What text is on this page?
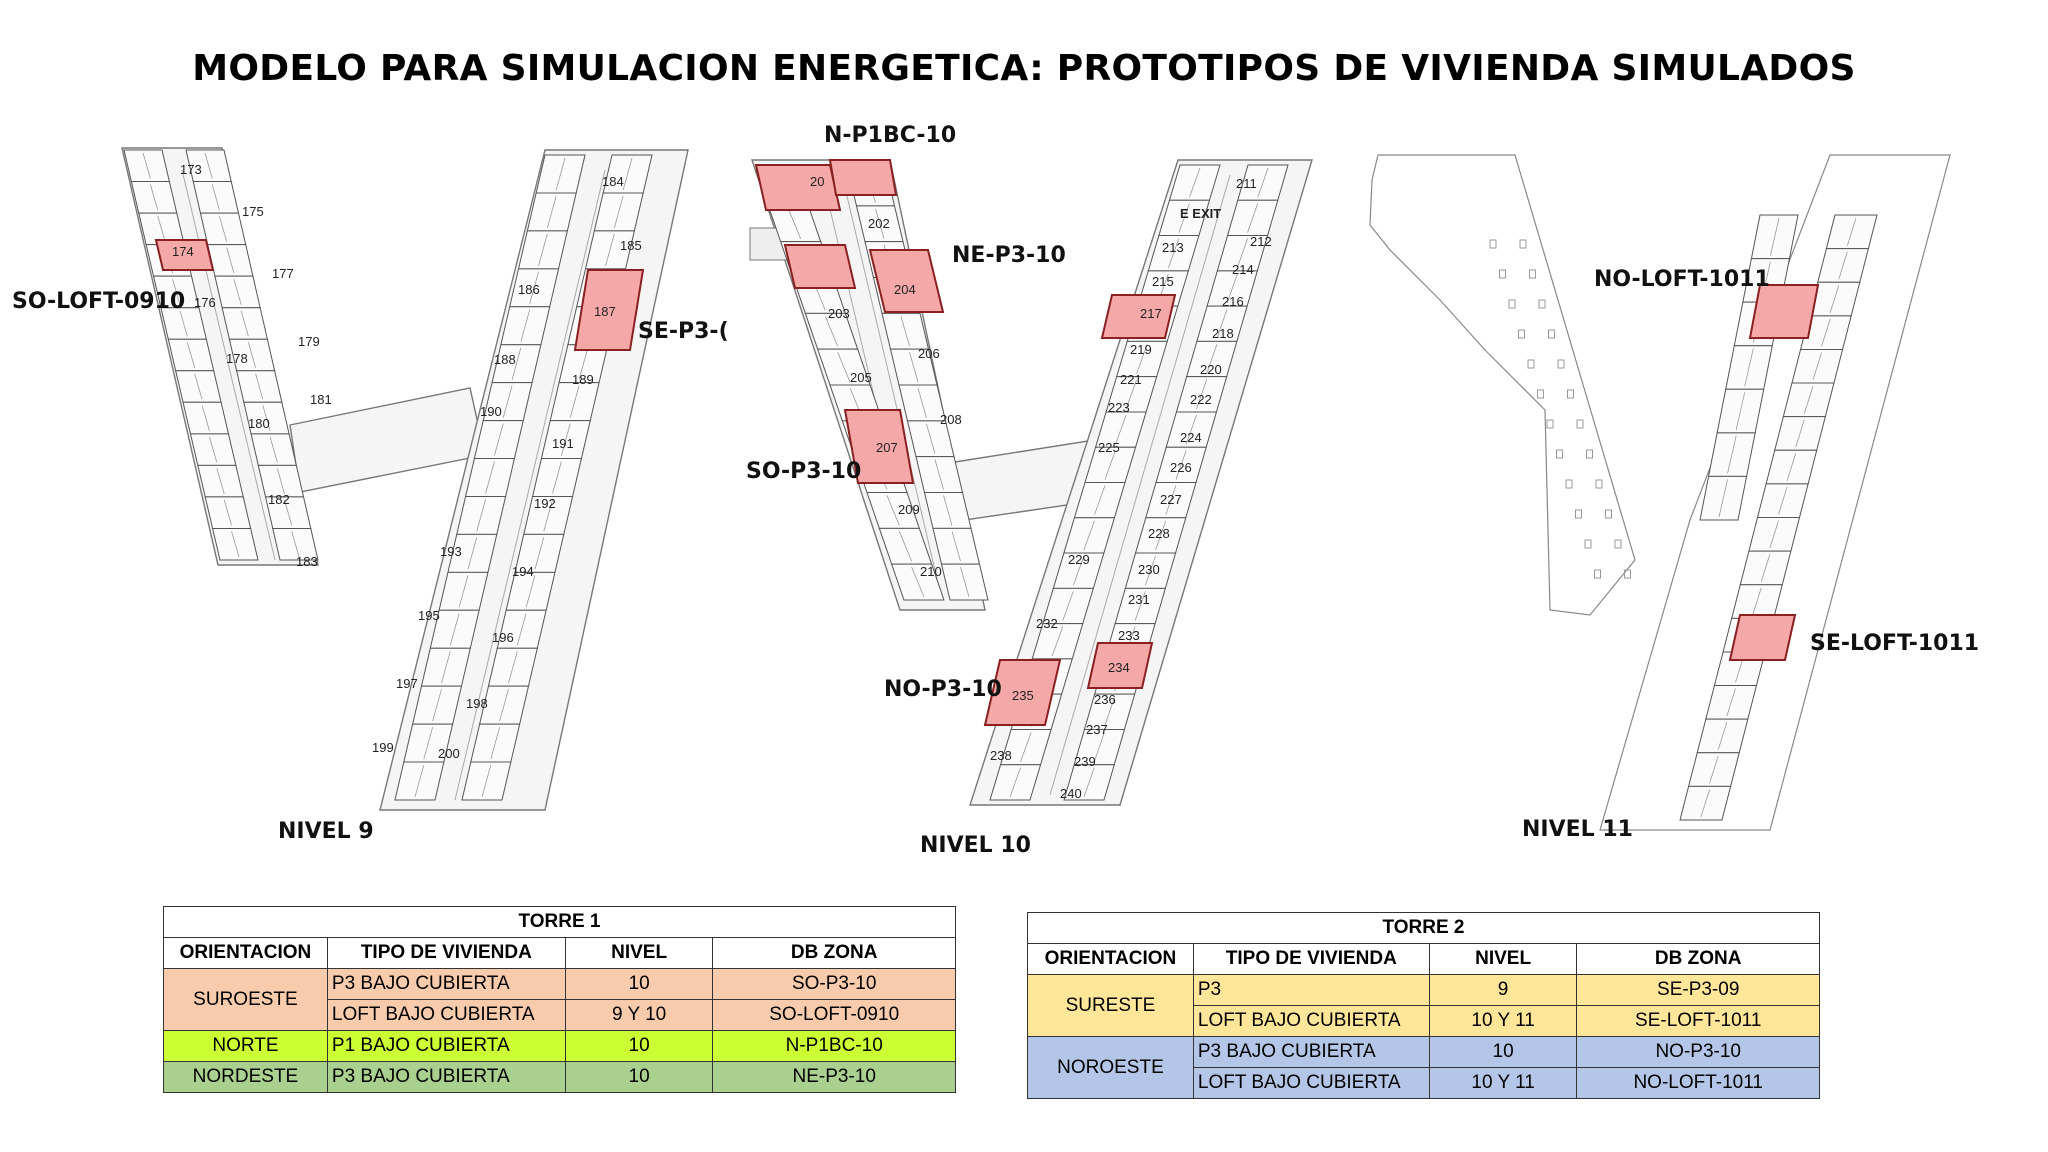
MODELO PARA SIMULACION ENERGETICA: PROTOTIPOS DE VIVIENDA SIMULADOS
173
175
174
177
176
179
178
181
180
182
183
184
185
186
187
188
189
190
191
192
193
194
195
196
197
198
199	200
SO-LOFT-0910
SE-P3-(
NIVEL 9
20
202
203
204
205
206
207
208
209
210
211
212
213
214
215
216
217
218
219
220
221
222
223
224
225
226
227
228
229
230
231
232
233
234
235	236
237
238	239
240
E EXIT
N-P1BC-10
NE-P3-10
SO-P3-10
NO-P3-10
NIVEL 10
NO-LOFT-1011
SE-LOFT-1011
NIVEL 11
TORRE 1			
ORIENTACION	TIPO DE VIVIENDA	NIVEL	DB ZONA
SUROESTE	P3 BAJO CUBIERTA	10	SO-P3-10
	LOFT BAJO CUBIERTA	9 Y 10	SO-LOFT-0910
NORTE	P1 BAJO CUBIERTA	10	N-P1BC-10
NORDESTE	P3 BAJO CUBIERTA	10	NE-P3-10
TORRE 2			
ORIENTACION	TIPO DE VIVIENDA	NIVEL	DB ZONA
SURESTE	P3	9	SE-P3-09
	LOFT BAJO CUBIERTA	10 Y 11	SE-LOFT-1011
NOROESTE	P3 BAJO CUBIERTA	10	NO-P3-10
	LOFT BAJO CUBIERTA	10 Y 11	NO-LOFT-1011
